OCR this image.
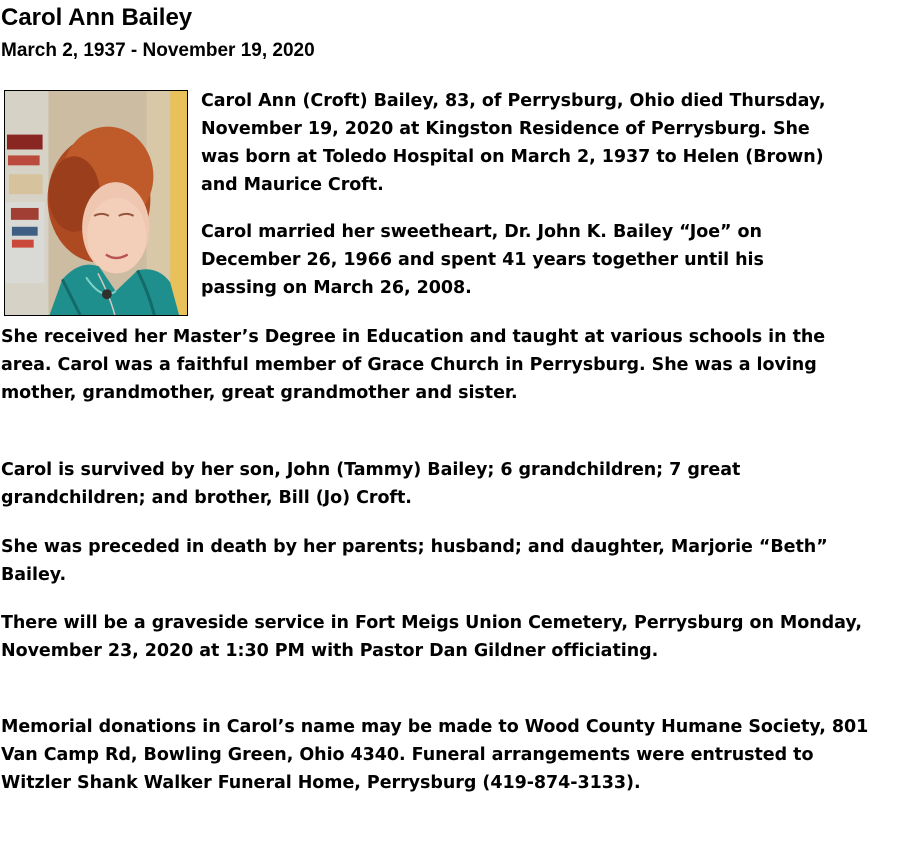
Carol Ann Bailey
March 2, 1937 - November 19, 2020

Carol Ann (Croft) Bailey, 83, of Perrysburg, Ohio died Thursday, November 19, 2020 at Kingston Residence of Perrysburg. She was born at Toledo Hospital on March 2, 1937 to Helen (Brown) and Maurice Croft.

Carol married her sweetheart, Dr. John K. Bailey “Joe” on December 26, 1966 and spent 41 years together until his passing on March 26, 2008.

She received her Master’s Degree in Education and taught at various schools in the area. Carol was a faithful member of Grace Church in Perrysburg. She was a loving mother, grandmother, great grandmother and sister.

Carol is survived by her son, John (Tammy) Bailey; 6 grandchildren; 7 great grandchildren; and brother, Bill (Jo) Croft.

She was preceded in death by her parents; husband; and daughter, Marjorie “Beth” Bailey.

There will be a graveside service in Fort Meigs Union Cemetery, Perrysburg on Monday, November 23, 2020 at 1:30 PM with Pastor Dan Gildner officiating.

Memorial donations in Carol’s name may be made to Wood County Humane Society, 801 Van Camp Rd, Bowling Green, Ohio 4340. Funeral arrangements were entrusted to Witzler Shank Walker Funeral Home, Perrysburg (419-874-3133).
